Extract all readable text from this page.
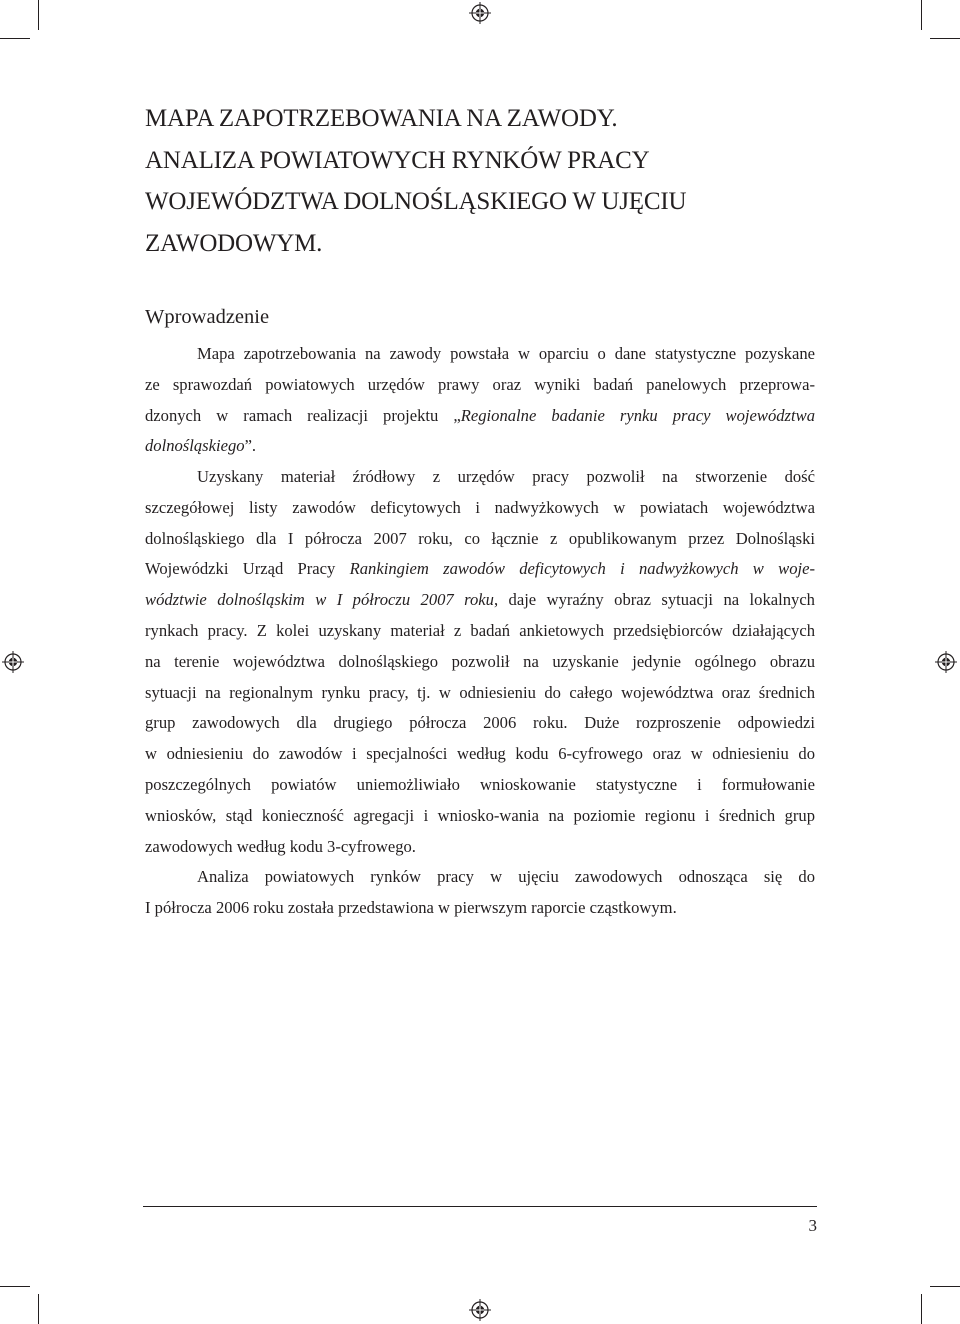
MAPA ZAPOTRZEBOWANIA NA ZAWODY.
ANALIZA POWIATOWYCH RYNKÓW PRACY
WOJEWÓDZTWA DOLNOŚLĄSKIEGO W UJĘCIU
ZAWODOWYM.
Wprowadzenie
Mapa zapotrzebowania na zawody powstała w oparciu o dane statystyczne pozyskane
ze sprawozdań powiatowych urzędów prawy oraz wyniki badań panelowych przeprowa-
dzonych w ramach realizacji projektu „Regionalne badanie rynku pracy województwa
dolnośląskiego”.
Uzyskany materiał źródłowy z urzędów pracy pozwolił na stworzenie dość
szczegółowej listy zawodów deficytowych i nadwyżkowych w powiatach województwa
dolnośląskiego dla I półrocza 2007 roku, co łącznie z opublikowanym przez Dolnośląski
Wojewódzki Urząd Pracy Rankingiem zawodów deficytowych i nadwyżkowych w woje-
wództwie dolnośląskim w I półroczu 2007 roku, daje wyraźny obraz sytuacji na lokalnych
rynkach pracy. Z kolei uzyskany materiał z badań ankietowych przedsiębiorców działających
na terenie województwa dolnośląskiego pozwolił na uzyskanie jedynie ogólnego obrazu
sytuacji na regionalnym rynku pracy, tj. w odniesieniu do całego województwa oraz średnich
grup zawodowych dla drugiego półrocza 2006 roku. Duże rozproszenie odpowiedzi
w odniesieniu do zawodów i specjalności według kodu 6-cyfrowego oraz w odniesieniu do
poszczególnych powiatów uniemożliwiało wnioskowanie statystyczne i formułowanie
wniosków, stąd konieczność agregacji i wniosko-wania na poziomie regionu i średnich grup
zawodowych według kodu 3-cyfrowego.
Analiza powiatowych rynków pracy w ujęciu zawodowych odnosząca się do
I półrocza 2006 roku została przedstawiona w pierwszym raporcie cząstkowym.
3
